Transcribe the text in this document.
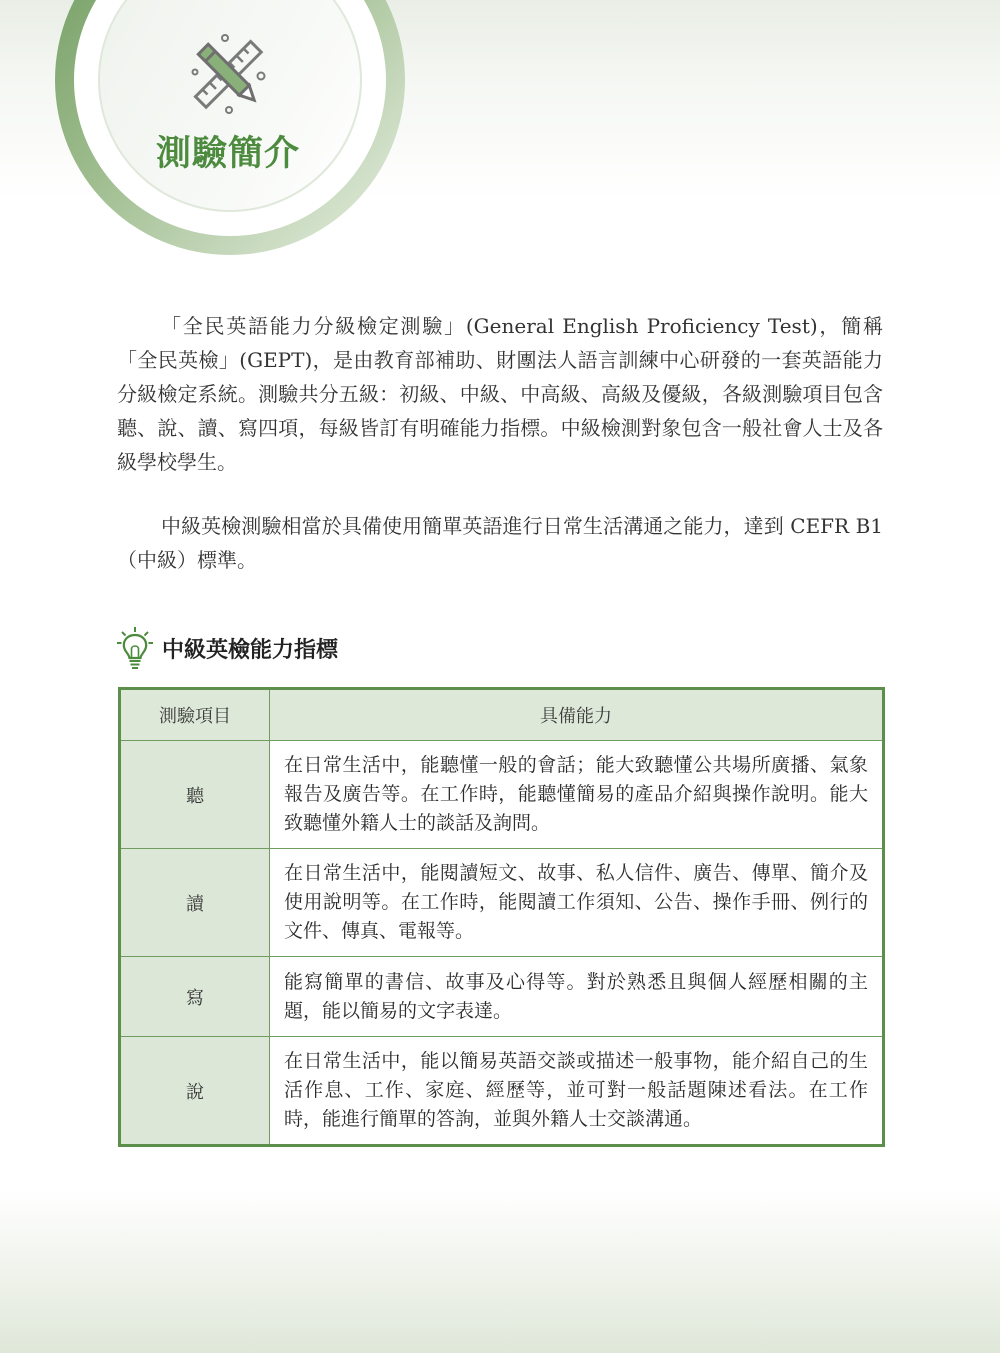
測驗簡介

「全民英語能力分級檢定測驗」(General English Proficiency Test)，簡稱「全民英檢」(GEPT)，是由教育部補助、財團法人語言訓練中心研發的一套英語能力分級檢定系統。測驗共分五級：初級、中級、中高級、高級及優級，各級測驗項目包含聽、說、讀、寫四項，每級皆訂有明確能力指標。中級檢測對象包含一般社會人士及各級學校學生。

中級英檢測驗相當於具備使用簡單英語進行日常生活溝通之能力，達到 CEFR B1（中級）標準。

中級英檢能力指標
測驗項目	具備能力
聽	在日常生活中，能聽懂一般的會話；能大致聽懂公共場所廣播、氣象報告及廣告等。在工作時，能聽懂簡易的產品介紹與操作說明。能大致聽懂外籍人士的談話及詢問。
讀	在日常生活中，能閱讀短文、故事、私人信件、廣告、傳單、簡介及使用說明等。在工作時，能閱讀工作須知、公告、操作手冊、例行的文件、傳真、電報等。
寫	能寫簡單的書信、故事及心得等。對於熟悉且與個人經歷相關的主題，能以簡易的文字表達。
說	在日常生活中，能以簡易英語交談或描述一般事物，能介紹自己的生活作息、工作、家庭、經歷等，並可對一般話題陳述看法。在工作時，能進行簡單的答詢，並與外籍人士交談溝通。
